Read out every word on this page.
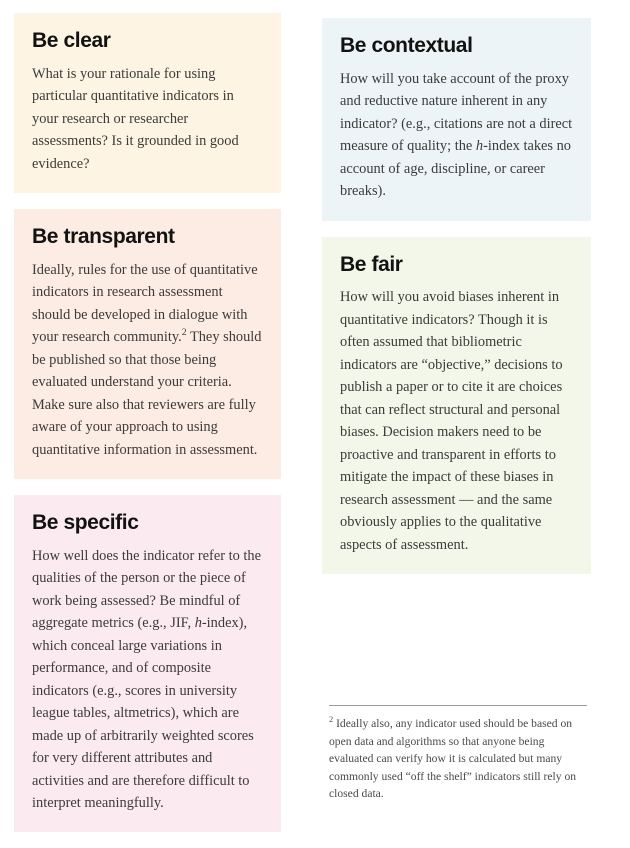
Be clear

What is your rationale for using particular quantitative indicators in your research or researcher assessments? Is it grounded in good evidence?

Be transparent

Ideally, rules for the use of quantitative indicators in research assessment should be developed in dialogue with your research community.$^2$ They should be published so that those being evaluated understand your criteria. Make sure also that reviewers are fully aware of your approach to using quantitative information in assessment.

Be specific

How well does the indicator refer to the qualities of the person or the piece of work being assessed? Be mindful of aggregate metrics (e.g., JIF, h-index), which conceal large variations in performance, and of composite indicators (e.g., scores in university league tables, altmetrics), which are made up of arbitrarily weighted scores for very different attributes and activities and are therefore difficult to interpret meaningfully.

Be contextual

How will you take account of the proxy and reductive nature inherent in any indicator? (e.g., citations are not a direct measure of quality; the h-index takes no account of age, discipline, or career breaks).

Be fair

How will you avoid biases inherent in quantitative indicators? Though it is often assumed that bibliometric indicators are “objective,” decisions to publish a paper or to cite it are choices that can reflect structural and personal biases. Decision makers need to be proactive and transparent in efforts to mitigate the impact of these biases in research assessment — and the same obviously applies to the qualitative aspects of assessment.

$^2$ Ideally also, any indicator used should be based on open data and algorithms so that anyone being evaluated can verify how it is calculated but many commonly used “off the shelf” indicators still rely on closed data.
